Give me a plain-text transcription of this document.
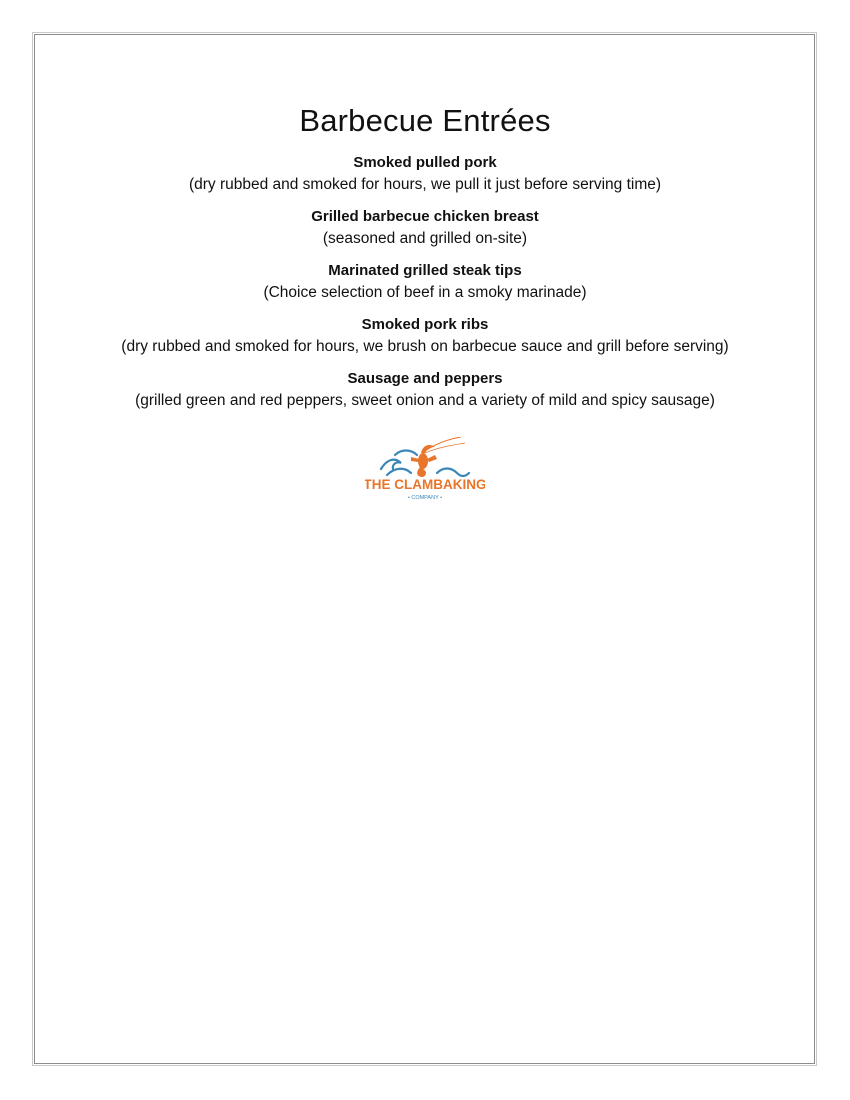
Barbecue Entrées
Smoked pulled pork
(dry rubbed and smoked for hours, we pull it just before serving time)
Grilled barbecue chicken breast
(seasoned and grilled on-site)
Marinated grilled steak tips
(Choice selection of beef in a smoky marinade)
Smoked pork ribs
(dry rubbed and smoked for hours, we brush on barbecue sauce and grill before serving)
Sausage and peppers
(grilled green and red peppers, sweet onion and a variety of mild and spicy sausage)
THE CLAMBAKING
• COMPANY •
